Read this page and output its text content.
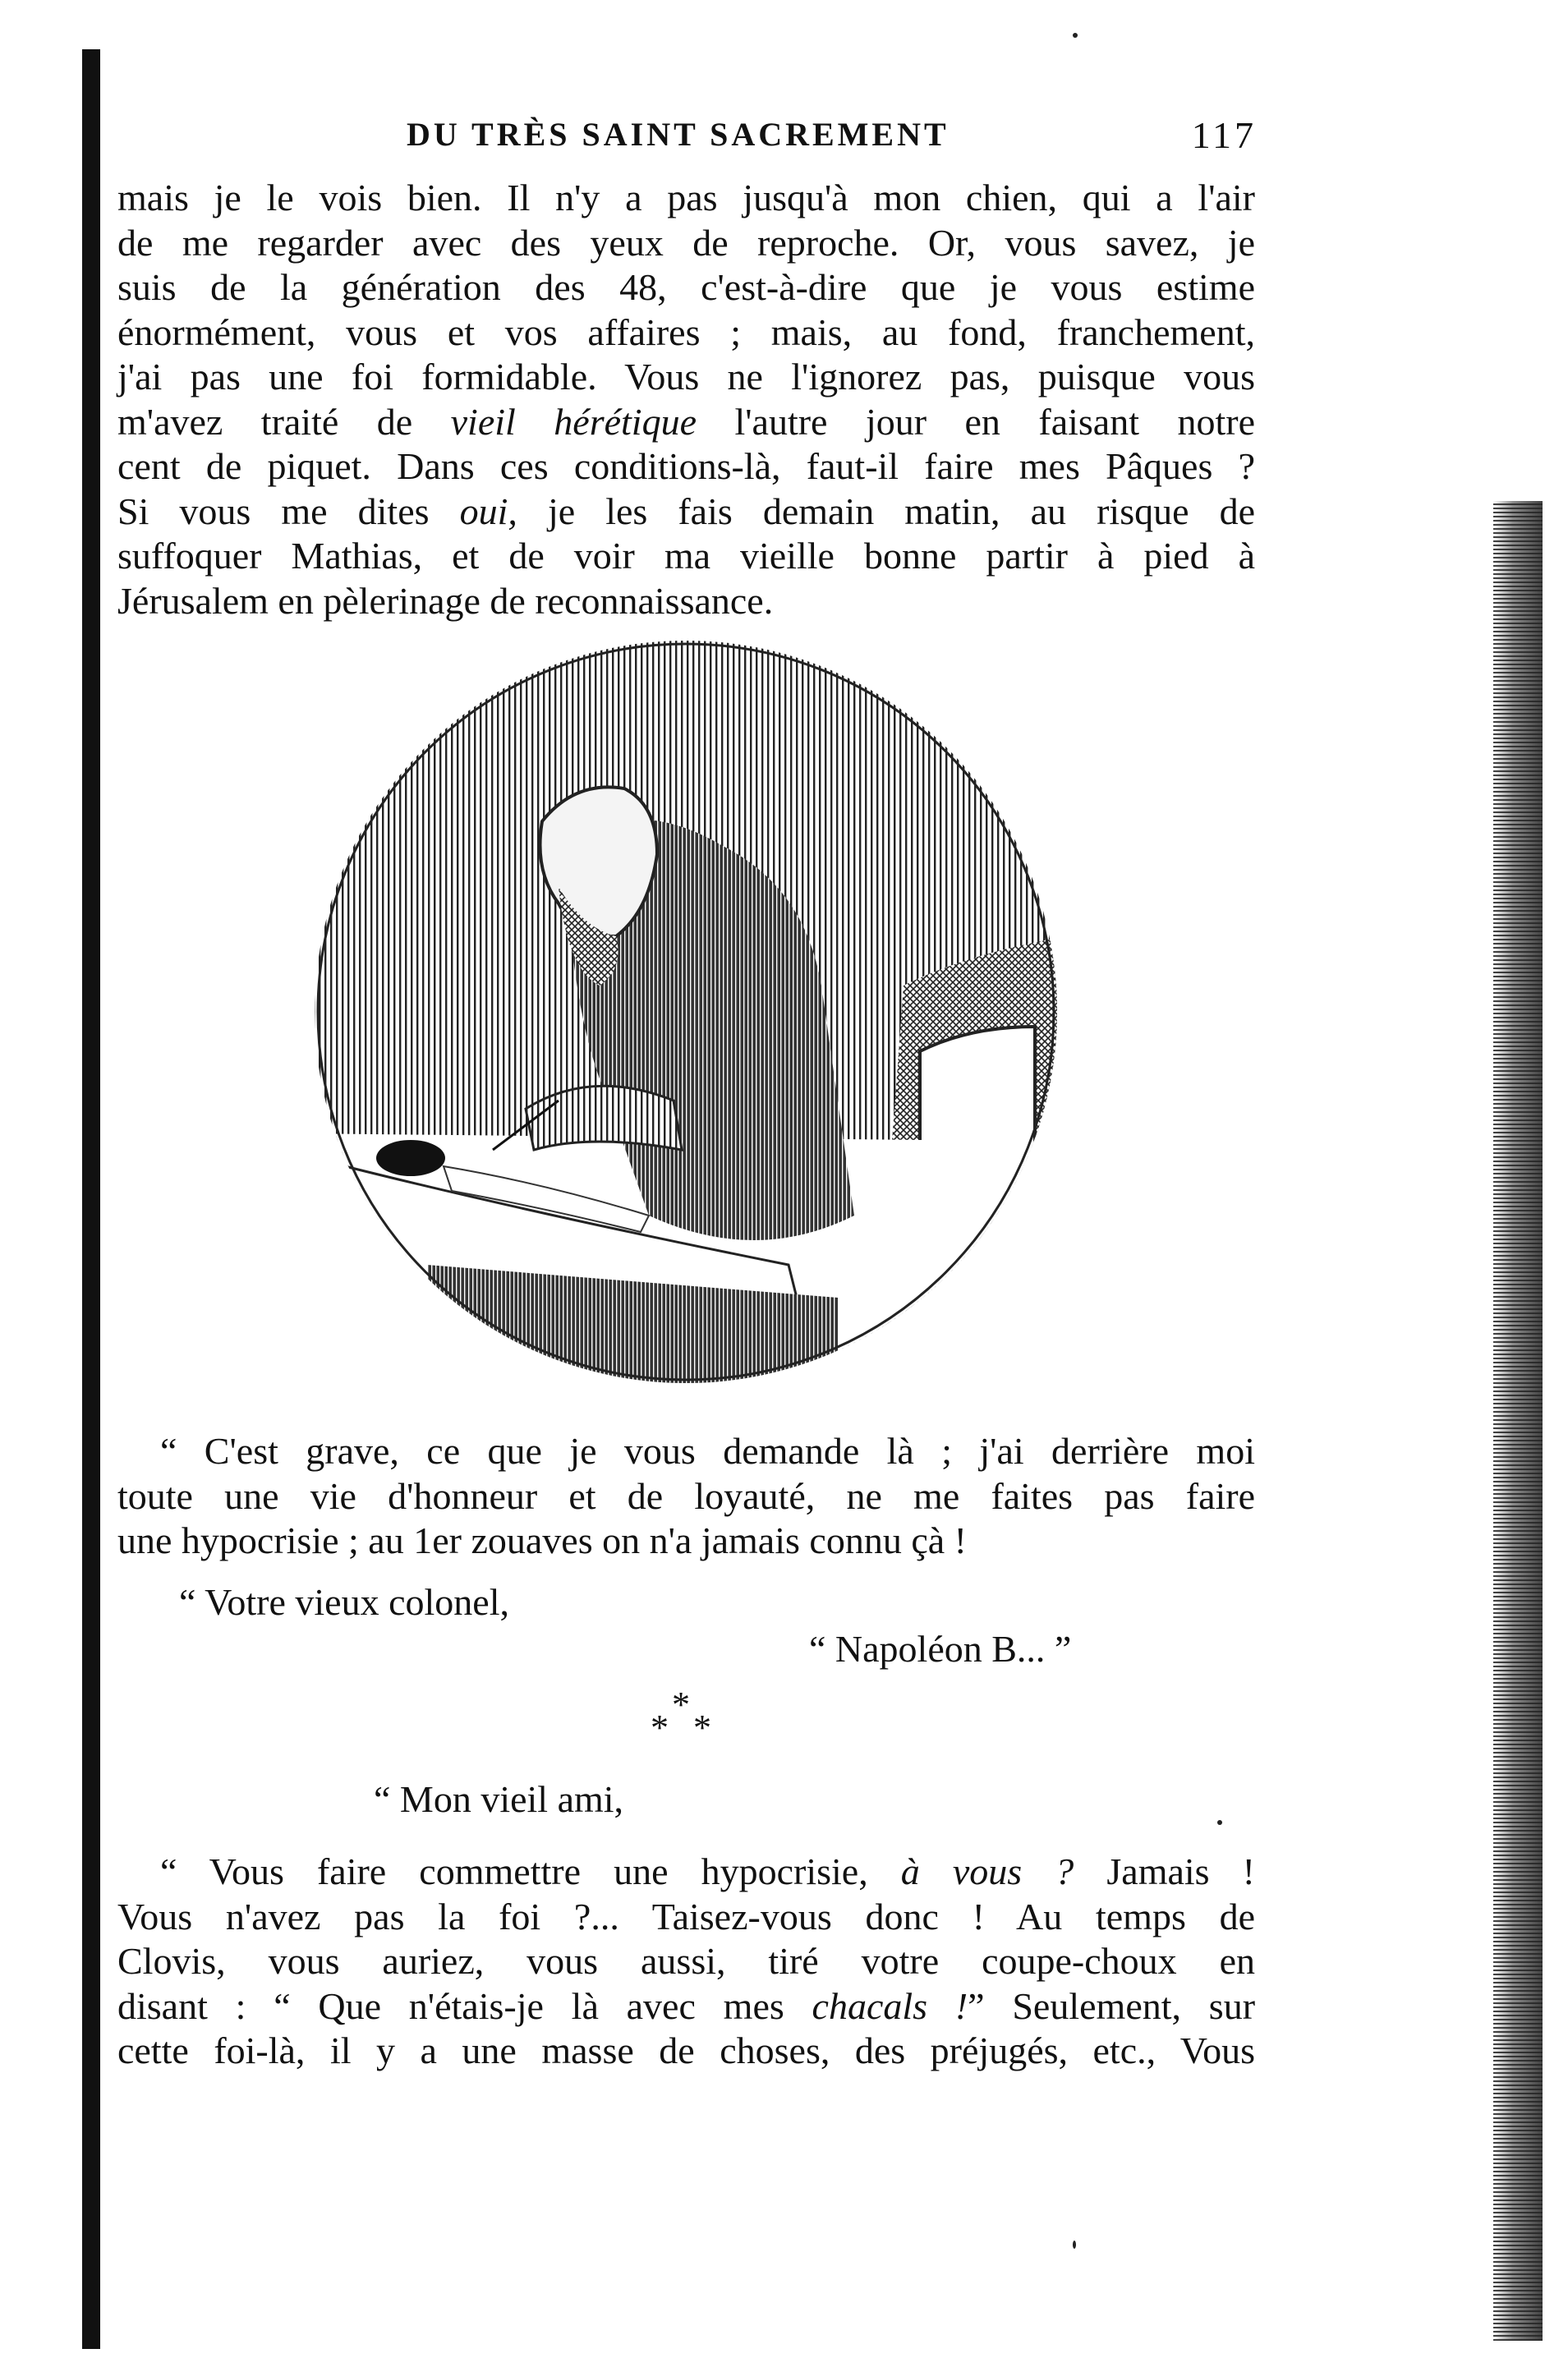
DU TRÈS SAINT SACREMENT	117
mais je le vois bien. Il n'y a pas jusqu'à mon chien, qui a l'air
de me regarder avec des yeux de reproche. Or, vous savez, je
suis de la génération des 48, c'est-à-dire que je vous estime
énormément, vous et vos affaires ; mais, au fond, franchement,
j'ai pas une foi formidable. Vous ne l'ignorez pas, puisque vous
m'avez traité de vieil hérétique l'autre jour en faisant notre
cent de piquet. Dans ces conditions-là, faut-il faire mes Pâques ?
Si vous me dites oui, je les fais demain matin, au risque de
suffoquer Mathias, et de voir ma vieille bonne partir à pied à
Jérusalem en pèlerinage de reconnaissance.
“ C'est grave, ce que je vous demande là ; j'ai derrière moi
toute une vie d'honneur et de loyauté, ne me faites pas faire
une hypocrisie ; au 1er zouaves on n'a jamais connu çà !
“ Votre vieux colonel,
“ Napoléon B... ”
*
* *
“ Mon vieil ami,
“ Vous faire commettre une hypocrisie, à vous ? Jamais !
Vous n'avez pas la foi ?... Taisez-vous donc ! Au temps de
Clovis, vous auriez, vous aussi, tiré votre coupe-choux en
disant : “ Que n'étais-je là avec mes chacals !” Seulement, sur
cette foi-là, il y a une masse de choses, des préjugés, etc., Vous
